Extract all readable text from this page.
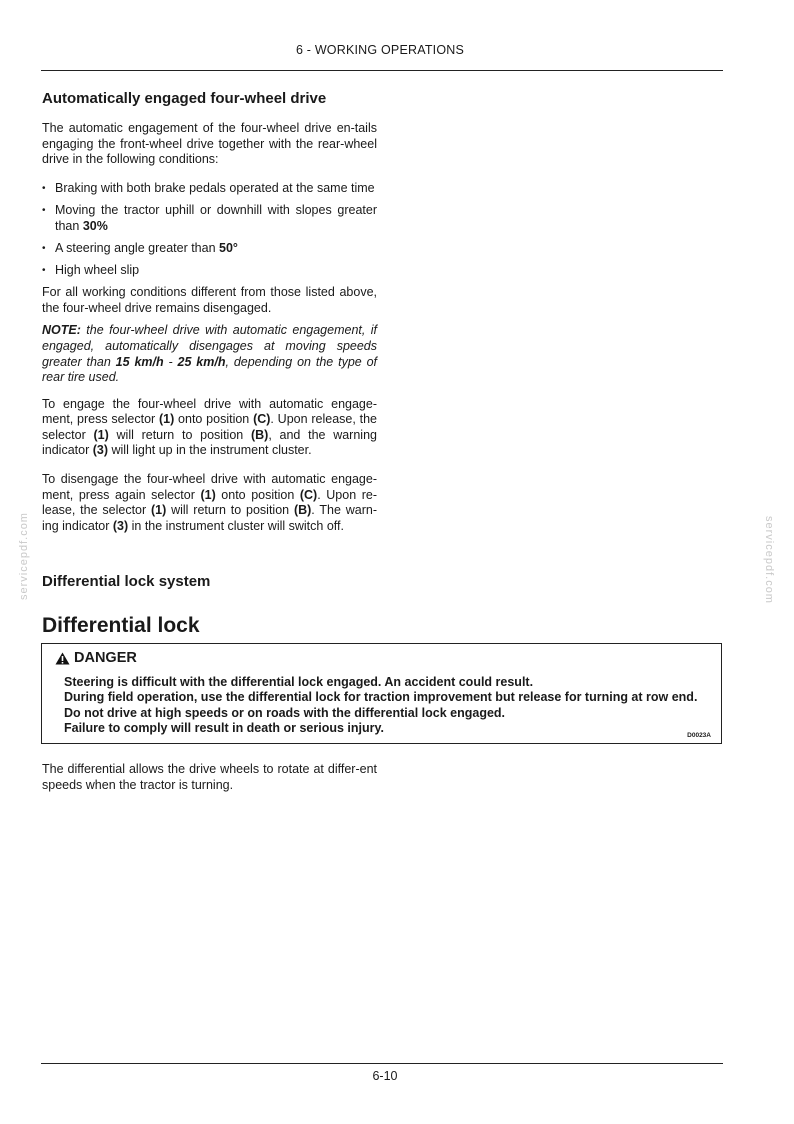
6 - WORKING OPERATIONS
Automatically engaged four-wheel drive

The automatic engagement of the four-wheel drive en-tails engaging the front-wheel drive together with the rear-wheel drive in the following conditions:

• Braking with both brake pedals operated at the same time
• Moving the tractor uphill or downhill with slopes greater than 30%
• A steering angle greater than 50°
• High wheel slip

For all working conditions different from those listed above, the four-wheel drive remains disengaged.

NOTE: the four-wheel drive with automatic engagement, if engaged, automatically disengages at moving speeds greater than 15 km/h - 25 km/h, depending on the type of rear tire used.

To engage the four-wheel drive with automatic engage-ment, press selector (1) onto position (C). Upon release, the selector (1) will return to position (B), and the warning indicator (3) will light up in the instrument cluster.

To disengage the four-wheel drive with automatic engage-ment, press again selector (1) onto position (C). Upon re-lease, the selector (1) will return to position (B). The warn-ing indicator (3) in the instrument cluster will switch off.

Differential lock system
Differential lock
DANGER
Steering is difficult with the differential lock engaged. An accident could result.
During field operation, use the differential lock for traction improvement but release for turning at row end. Do not drive at high speeds or on roads with the differential lock engaged.
Failure to comply will result in death or serious injury.
D0023A

The differential allows the drive wheels to rotate at differ-ent speeds when the tractor is turning.

servicepdf.com	servicepdf.com
6-10
